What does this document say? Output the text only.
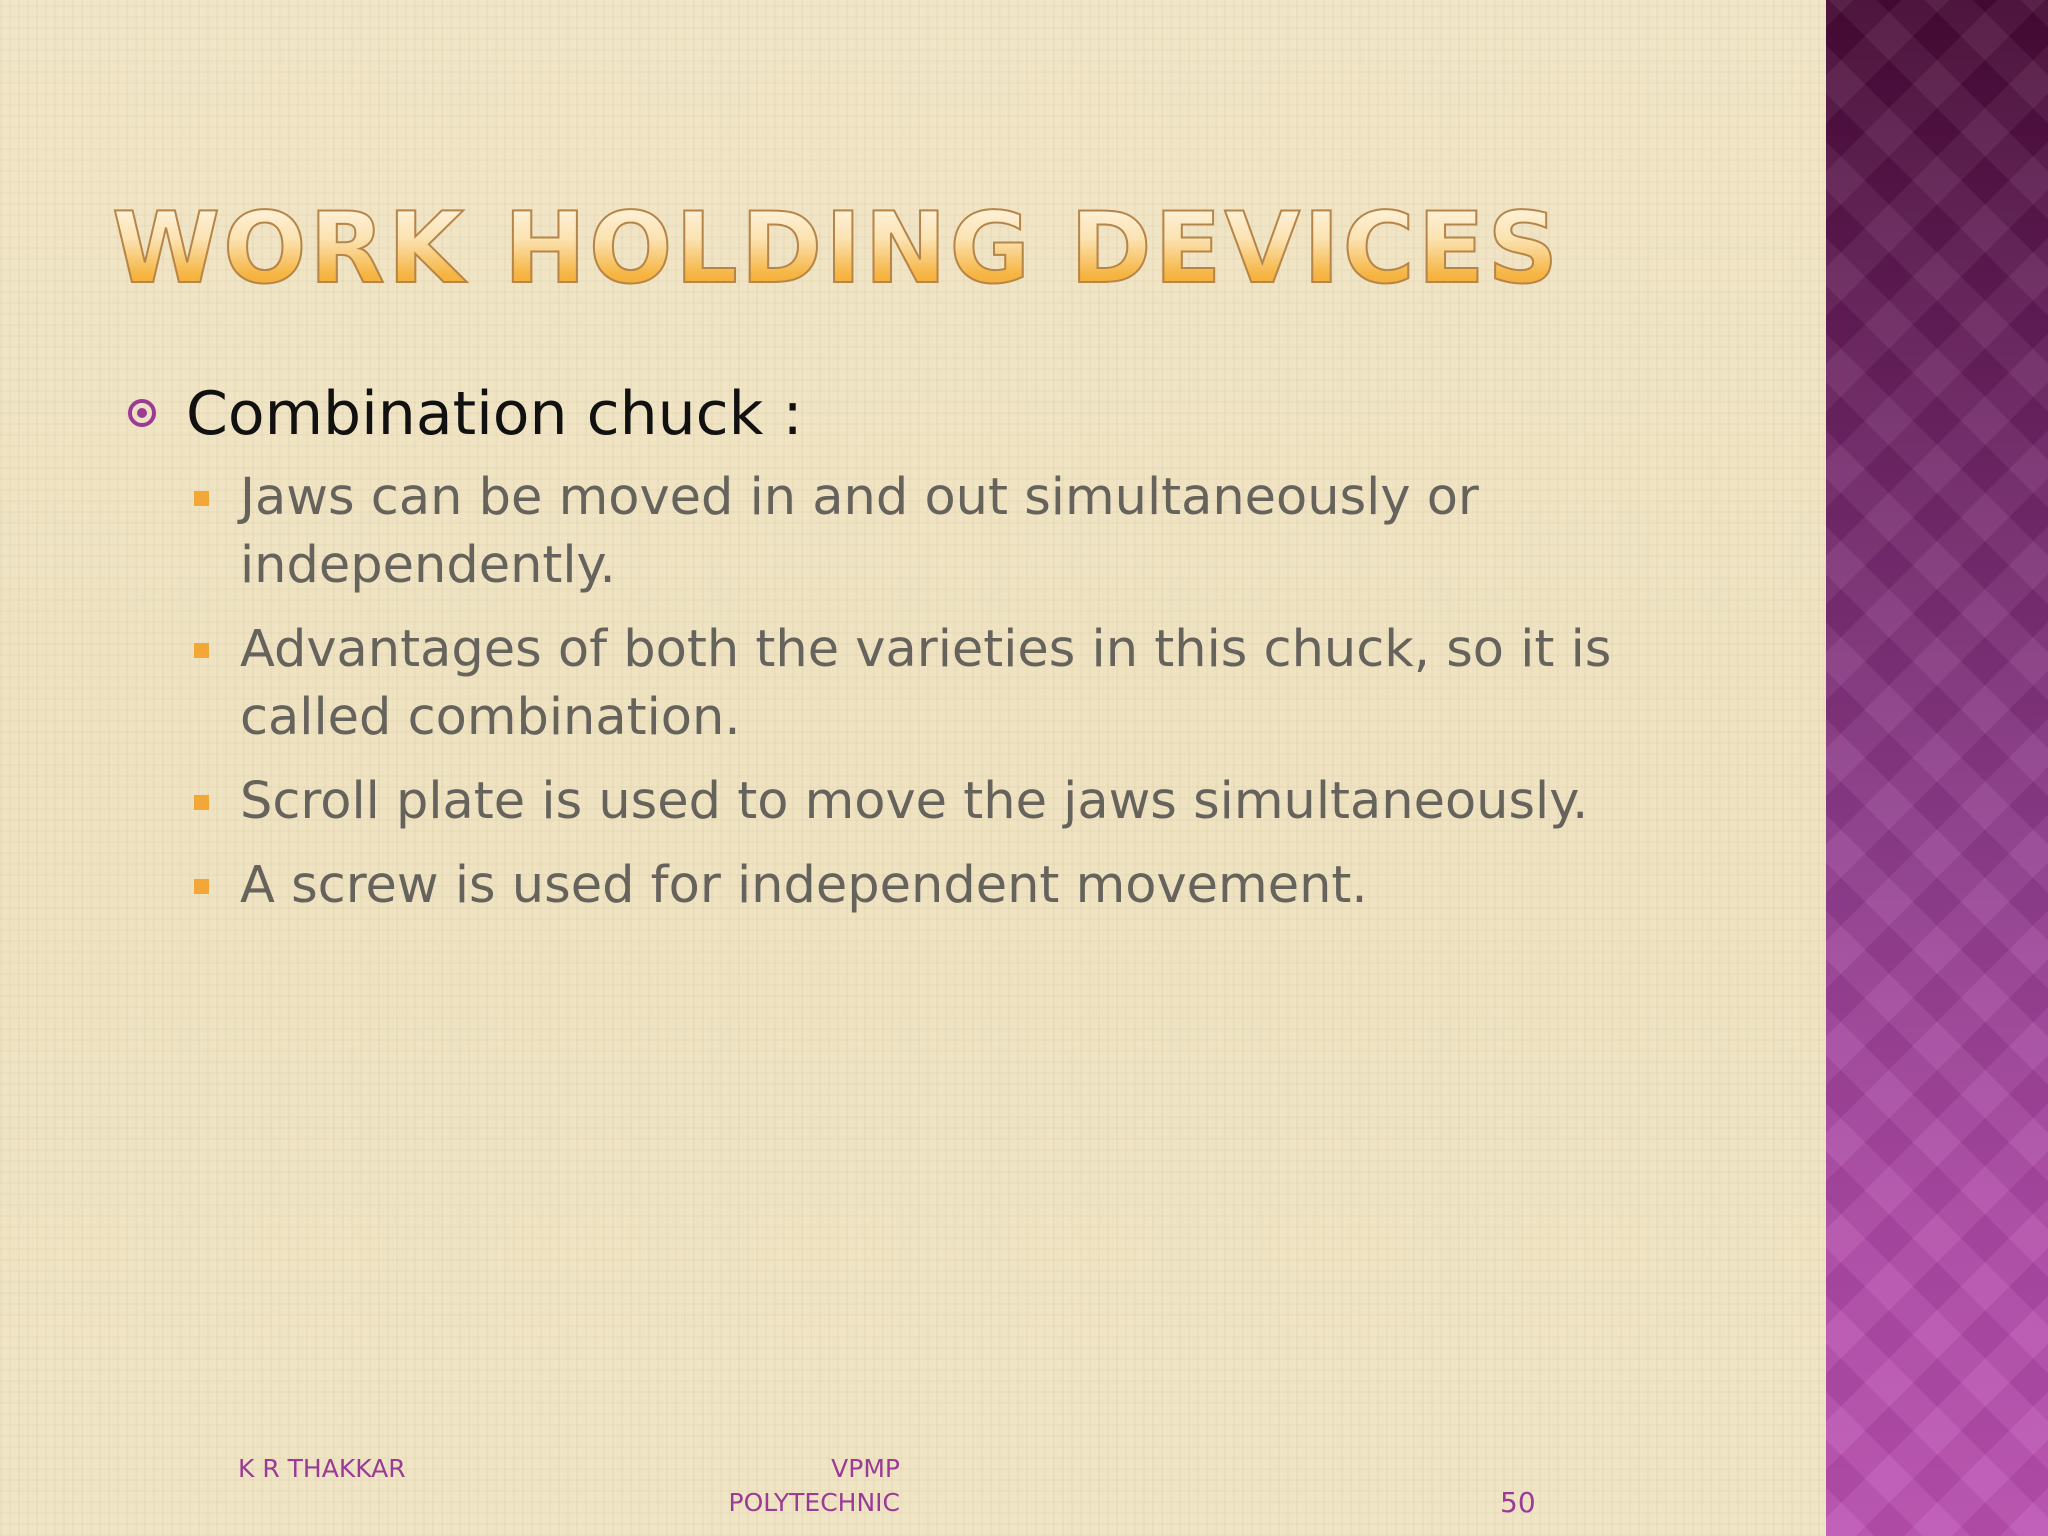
WORK HOLDING DEVICES

Combination chuck :

Jaws can be moved in and out simultaneously or independently.
Advantages of both the varieties in this chuck, so it is called combination.
Scroll plate is used to move the jaws simultaneously.
A screw is used for independent movement.
K R THAKKAR	VPMP
POLYTECHNIC	50
